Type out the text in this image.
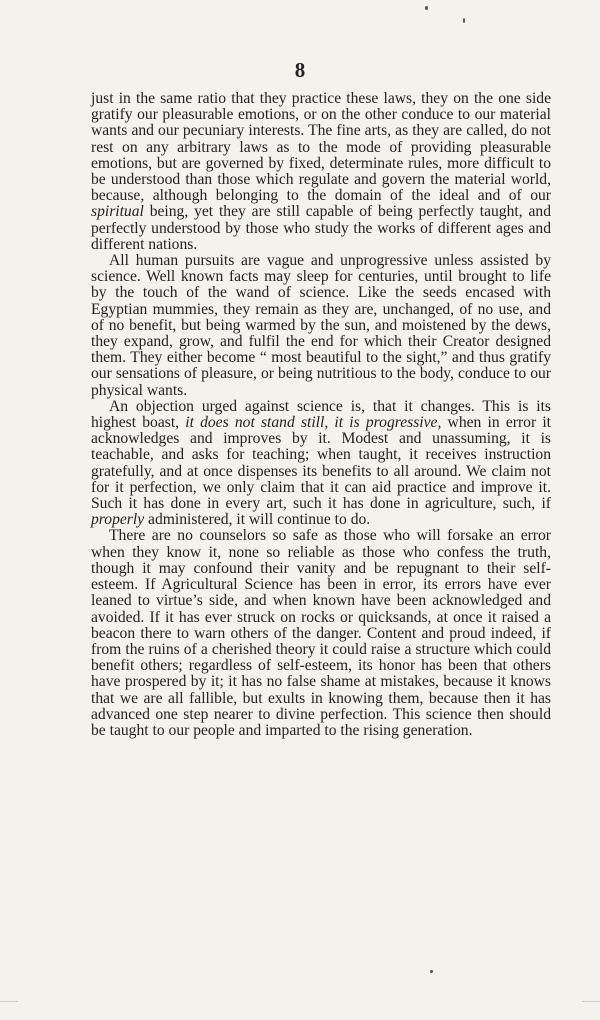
8

just in the same ratio that they practice these laws, they on the one side gratify our pleasurable emotions, or on the other conduce to our material wants and our pecuniary interests. The fine arts, as they are called, do not rest on any arbitrary laws as to the mode of providing pleasurable emotions, but are governed by fixed, determinate rules, more difficult to be understood than those which regulate and govern the material world, because, although belonging to the domain of the ideal and of our spiritual being, yet they are still capable of being perfectly taught, and perfectly understood by those who study the works of different ages and different nations.

All human pursuits are vague and unprogressive unless assisted by science. Well known facts may sleep for centuries, until brought to life by the touch of the wand of science. Like the seeds encased with Egyptian mummies, they remain as they are, unchanged, of no use, and of no benefit, but being warmed by the sun, and moistened by the dews, they expand, grow, and fulfil the end for which their Creator designed them. They either become “ most beautiful to the sight,” and thus gratify our sensations of pleasure, or being nutritious to the body, conduce to our physical wants.

An objection urged against science is, that it changes. This is its highest boast, it does not stand still, it is progressive, when in error it acknowledges and improves by it. Modest and unassuming, it is teachable, and asks for teaching; when taught, it receives instruction gratefully, and at once dispenses its benefits to all around. We claim not for it perfection, we only claim that it can aid practice and improve it. Such it has done in every art, such it has done in agriculture, such, if properly administered, it will continue to do.

There are no counselors so safe as those who will forsake an error when they know it, none so reliable as those who confess the truth, though it may confound their vanity and be repugnant to their self-esteem. If Agricultural Science has been in error, its errors have ever leaned to virtue’s side, and when known have been acknowledged and avoided. If it has ever struck on rocks or quicksands, at once it raised a beacon there to warn others of the danger. Content and proud indeed, if from the ruins of a cherished theory it could raise a structure which could benefit others; regardless of self-esteem, its honor has been that others have prospered by it; it has no false shame at mistakes, because it knows that we are all fallible, but exults in knowing them, because then it has advanced one step nearer to divine perfection. This science then should be taught to our people and imparted to the rising generation.
